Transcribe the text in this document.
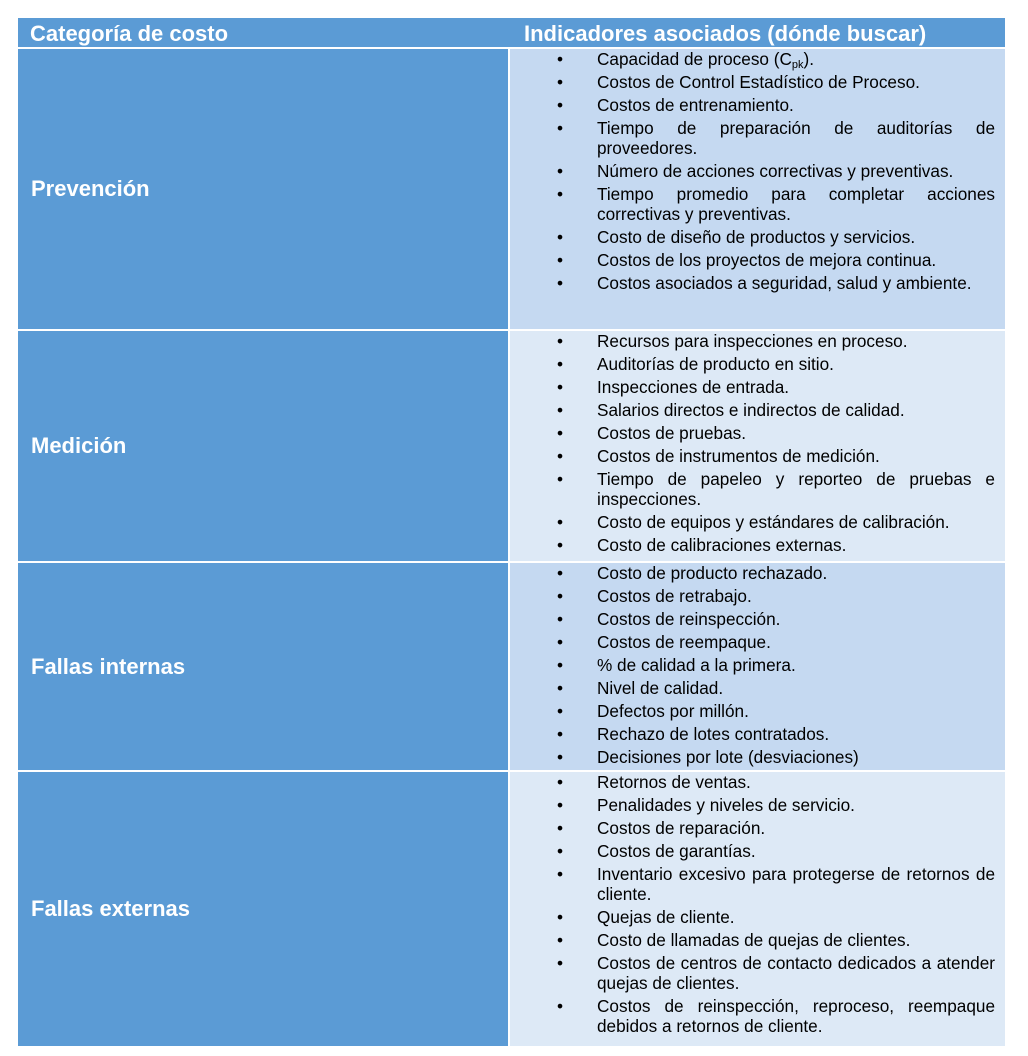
Categoría de costo	Indicadores asociados (dónde buscar)
Prevención
• Capacidad de proceso $(C_{pk})$.
• Costos de Control Estadístico de Proceso.
• Costos de entrenamiento.
• Tiempo de preparación de auditorías de proveedores.
• Número de acciones correctivas y preventivas.
• Tiempo promedio para completar acciones correctivas y preventivas.
• Costo de diseño de productos y servicios.
• Costos de los proyectos de mejora continua.
• Costos asociados a seguridad, salud y ambiente.
Medición
• Recursos para inspecciones en proceso.
• Auditorías de producto en sitio.
• Inspecciones de entrada.
• Salarios directos e indirectos de calidad.
• Costos de pruebas.
• Costos de instrumentos de medición.
• Tiempo de papeleo y reporteo de pruebas e inspecciones.
• Costo de equipos y estándares de calibración.
• Costo de calibraciones externas.
Fallas internas
• Costo de producto rechazado.
• Costos de retrabajo.
• Costos de reinspección.
• Costos de reempaque.
• % de calidad a la primera.
• Nivel de calidad.
• Defectos por millón.
• Rechazo de lotes contratados.
• Decisiones por lote (desviaciones)
Fallas externas
• Retornos de ventas.
• Penalidades y niveles de servicio.
• Costos de reparación.
• Costos de garantías.
• Inventario excesivo para protegerse de retornos de cliente.
• Quejas de cliente.
• Costo de llamadas de quejas de clientes.
• Costos de centros de contacto dedicados a atender quejas de clientes.
• Costos de reinspección, reproceso, reempaque debidos a retornos de cliente.
